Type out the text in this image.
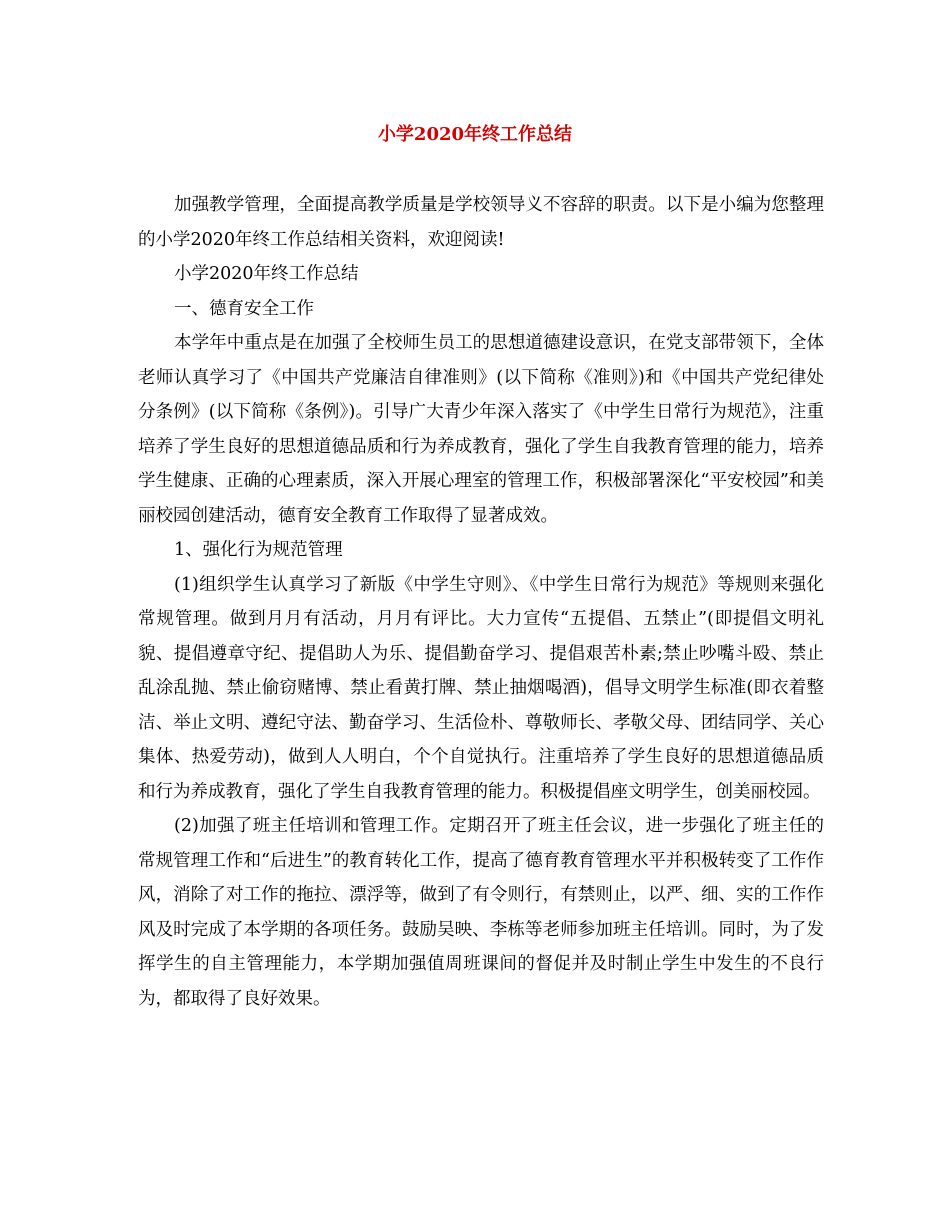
小学2020年终工作总结

加强教学管理，全面提高教学质量是学校领导义不容辞的职责。以下是小编为您整理的小学2020年终工作总结相关资料，欢迎阅读!

小学2020年终工作总结

一、德育安全工作

本学年中重点是在加强了全校师生员工的思想道德建设意识，在党支部带领下，全体老师认真学习了《中国共产党廉洁自律准则》(以下简称《准则》)和《中国共产党纪律处分条例》(以下简称《条例》)。引导广大青少年深入落实了《中学生日常行为规范》，注重培养了学生良好的思想道德品质和行为养成教育，强化了学生自我教育管理的能力，培养学生健康、正确的心理素质，深入开展心理室的管理工作，积极部署深化“平安校园”和美丽校园创建活动，德育安全教育工作取得了显著成效。

1、强化行为规范管理

(1)组织学生认真学习了新版《中学生守则》、《中学生日常行为规范》等规则来强化常规管理。做到月月有活动，月月有评比。大力宣传“五提倡、五禁止”(即提倡文明礼貌、提倡遵章守纪、提倡助人为乐、提倡勤奋学习、提倡艰苦朴素;禁止吵嘴斗殴、禁止乱涂乱抛、禁止偷窃赌博、禁止看黄打牌、禁止抽烟喝酒)，倡导文明学生标准(即衣着整洁、举止文明、遵纪守法、勤奋学习、生活俭朴、尊敬师长、孝敬父母、团结同学、关心集体、热爱劳动)，做到人人明白，个个自觉执行。注重培养了学生良好的思想道德品质和行为养成教育，强化了学生自我教育管理的能力。积极提倡座文明学生，创美丽校园。

(2)加强了班主任培训和管理工作。定期召开了班主任会议，进一步强化了班主任的常规管理工作和“后进生”的教育转化工作，提高了德育教育管理水平并积极转变了工作作风，消除了对工作的拖拉、漂浮等，做到了有令则行，有禁则止，以严、细、实的工作作风及时完成了本学期的各项任务。鼓励吴映、李栋等老师参加班主任培训。同时，为了发挥学生的自主管理能力，本学期加强值周班课间的督促并及时制止学生中发生的不良行为，都取得了良好效果。
